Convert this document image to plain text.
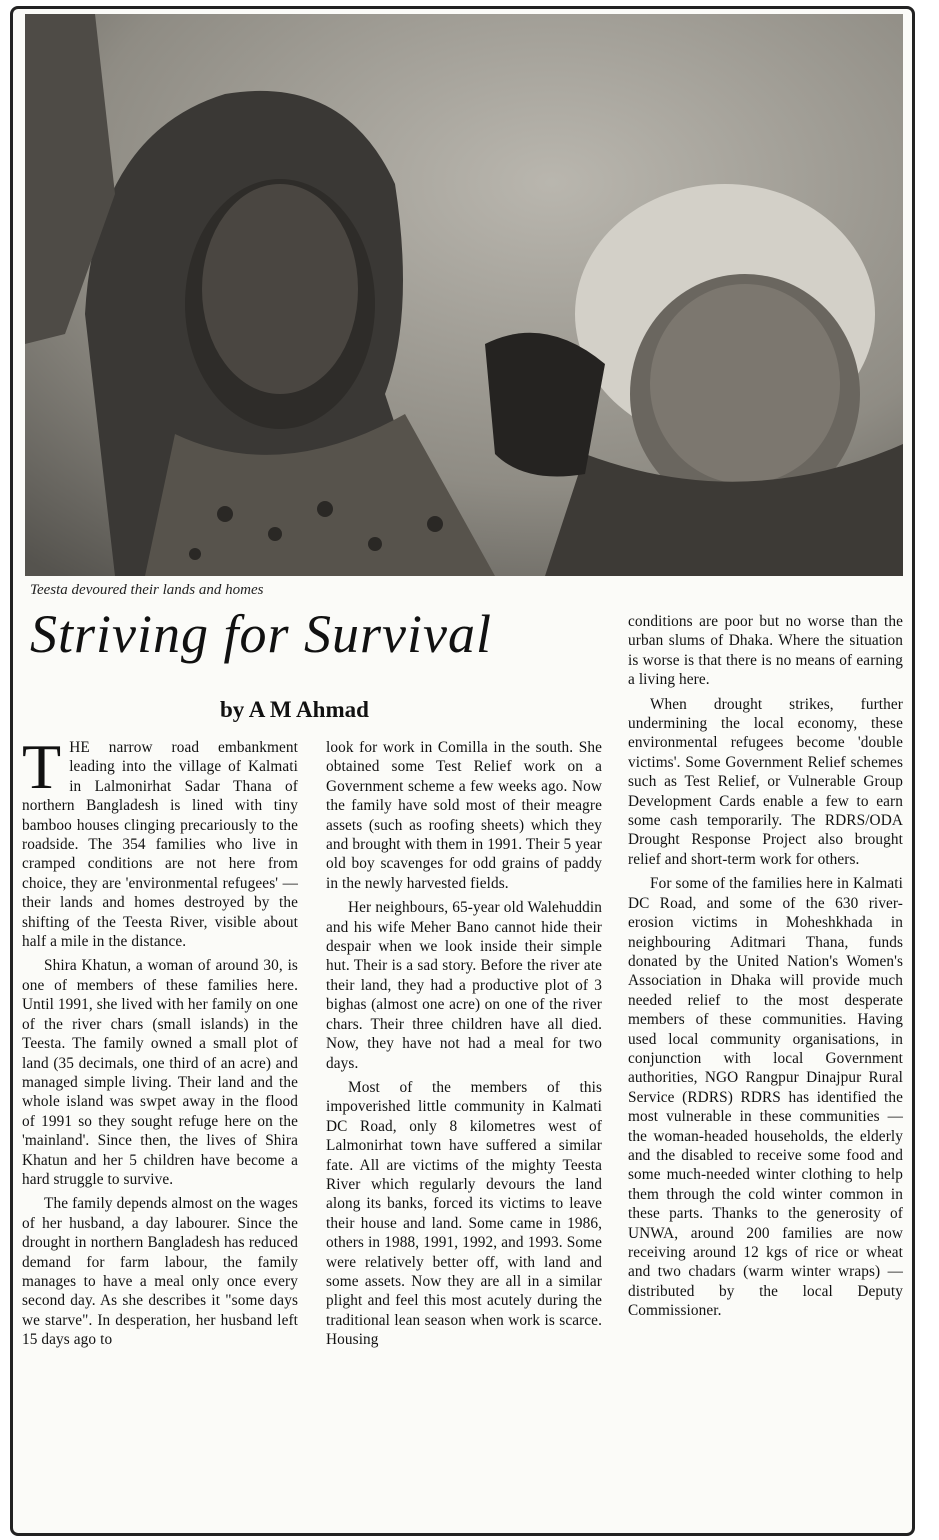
Teesta devoured their lands and homes
Striving for Survival
by A M Ahmad

THE narrow road embankment leading into the village of Kalmati in Lalmonirhat Sadar Thana of northern Bangladesh is lined with tiny bamboo houses clinging precariously to the roadside. The 354 families who live in cramped conditions are not here from choice, they are 'environmental refugees' — their lands and homes destroyed by the shifting of the Teesta River, visible about half a mile in the distance.

Shira Khatun, a woman of around 30, is one of members of these families here. Until 1991, she lived with her family on one of the river chars (small islands) in the Teesta. The family owned a small plot of land (35 decimals, one third of an acre) and managed simple living. Their land and the whole island was swpet away in the flood of 1991 so they sought refuge here on the 'mainland'. Since then, the lives of Shira Khatun and her 5 children have become a hard struggle to survive.

The family depends almost on the wages of her husband, a day labourer. Since the drought in northern Bangladesh has reduced demand for farm labour, the family manages to have a meal only once every second day. As she describes it "some days we starve". In desperation, her husband left 15 days ago to

look for work in Comilla in the south. She obtained some Test Relief work on a Government scheme a few weeks ago. Now the family have sold most of their meagre assets (such as roofing sheets) which they and brought with them in 1991. Their 5 year old boy scavenges for odd grains of paddy in the newly harvested fields.

Her neighbours, 65-year old Walehuddin and his wife Meher Bano cannot hide their despair when we look inside their simple hut. Their is a sad story. Before the river ate their land, they had a productive plot of 3 bighas (almost one acre) on one of the river chars. Their three children have all died. Now, they have not had a meal for two days.

Most of the members of this impoverished little community in Kalmati DC Road, only 8 kilometres west of Lalmonirhat town have suffered a similar fate. All are victims of the mighty Teesta River which regularly devours the land along its banks, forced its victims to leave their house and land. Some came in 1986, others in 1988, 1991, 1992, and 1993. Some were relatively better off, with land and some assets. Now they are all in a similar plight and feel this most acutely during the traditional lean season when work is scarce. Housing

conditions are poor but no worse than the urban slums of Dhaka. Where the situation is worse is that there is no means of earning a living here.

When drought strikes, further undermining the local economy, these environmental refugees become 'double victims'. Some Government Relief schemes such as Test Relief, or Vulnerable Group Development Cards enable a few to earn some cash temporarily. The RDRS/ODA Drought Response Project also brought relief and short-term work for others.

For some of the families here in Kalmati DC Road, and some of the 630 river-erosion victims in Moheshkhada in neighbouring Aditmari Thana, funds donated by the United Nation's Women's Association in Dhaka will provide much needed relief to the most desperate members of these communities. Having used local community organisations, in conjunction with local Government authorities, NGO Rangpur Dinajpur Rural Service (RDRS) RDRS has identified the most vulnerable in these communities — the woman-headed households, the elderly and the disabled to receive some food and some much-needed winter clothing to help them through the cold winter common in these parts. Thanks to the generosity of UNWA, around 200 families are now receiving around 12 kgs of rice or wheat and two chadars (warm winter wraps) — distributed by the local Deputy Commissioner.
